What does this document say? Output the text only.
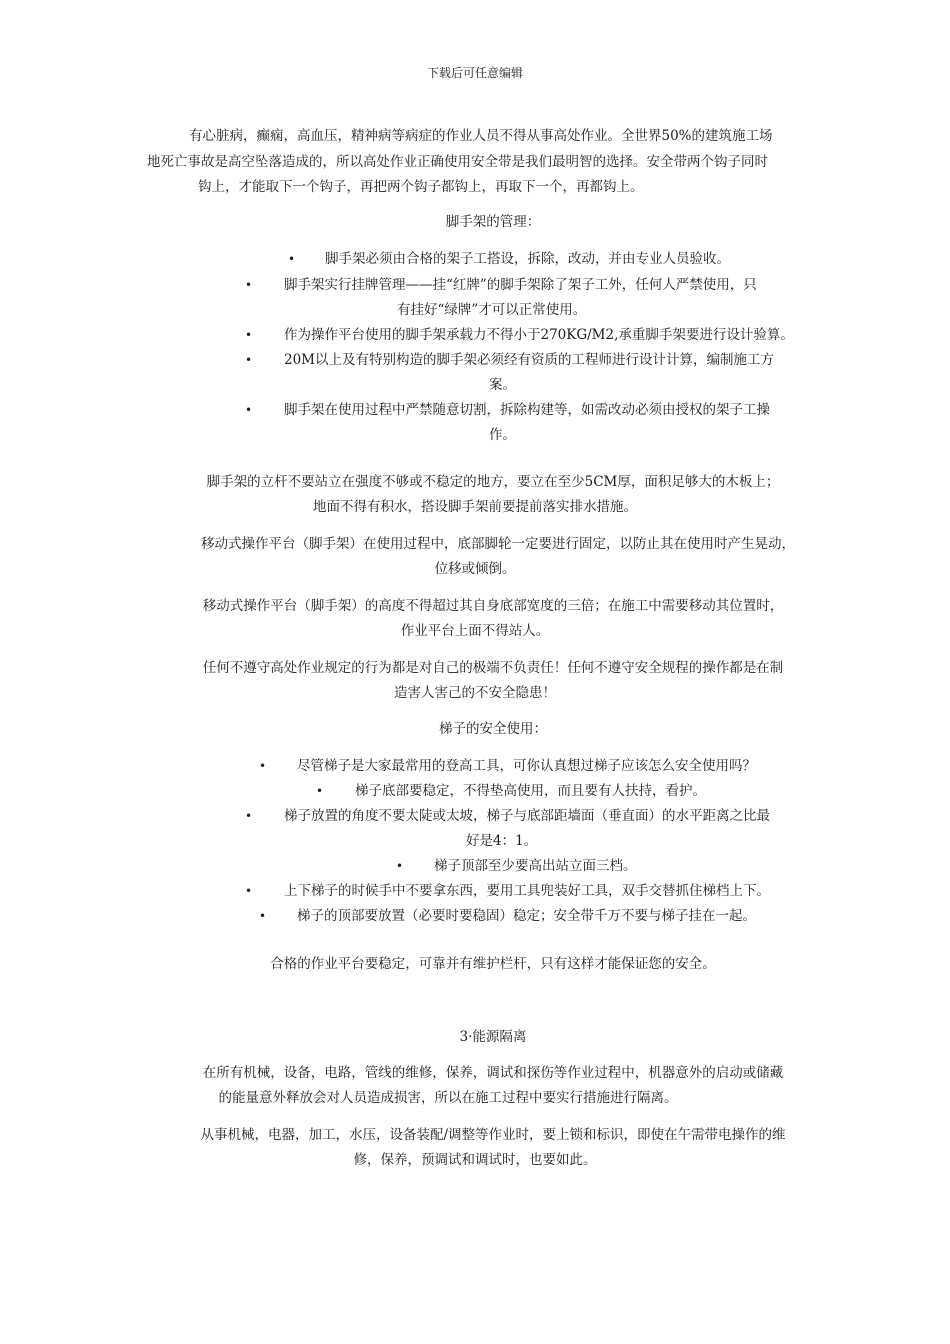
下载后可任意编辑
有心脏病，癫痫，高血压，精神病等病症的作业人员不得从事高处作业。全世界50%的建筑施工场
地死亡事故是高空坠落造成的，所以高处作业正确使用安全带是我们最明智的选择。安全带两个钩子同时
钩上，才能取下一个钩子，再把两个钩子都钩上，再取下一个，再都钩上。
脚手架的管理：
• 脚手架必须由合格的架子工搭设，拆除，改动，并由专业人员验收。
• 脚手架实行挂牌管理——挂“红牌”的脚手架除了架子工外，任何人严禁使用，只
有挂好“绿牌”才可以正常使用。
• 作为操作平台使用的脚手架承载力不得小于270KG/M2,承重脚手架要进行设计验算。
• 20M以上及有特别构造的脚手架必须经有资质的工程师进行设计计算，编制施工方
案。
• 脚手架在使用过程中严禁随意切割，拆除构建等，如需改动必须由授权的架子工操
作。
脚手架的立杆不要站立在强度不够或不稳定的地方，要立在至少5CM厚，面积足够大的木板上；
地面不得有积水，搭设脚手架前要提前落实排水措施。
移动式操作平台（脚手架）在使用过程中，底部脚轮一定要进行固定，以防止其在使用时产生晃动，
位移或倾倒。
移动式操作平台（脚手架）的高度不得超过其自身底部宽度的三倍；在施工中需要移动其位置时，
作业平台上面不得站人。
任何不遵守高处作业规定的行为都是对自己的极端不负责任！任何不遵守安全规程的操作都是在制
造害人害己的不安全隐患！
梯子的安全使用：
• 尽管梯子是大家最常用的登高工具，可你认真想过梯子应该怎么安全使用吗？
• 梯子底部要稳定，不得垫高使用，而且要有人扶持，看护。
• 梯子放置的角度不要太陡或太坡，梯子与底部距墙面（垂直面）的水平距离之比最
好是4：1。
• 梯子顶部至少要高出站立面三档。
• 上下梯子的时候手中不要拿东西，要用工具兜装好工具，双手交替抓住梯档上下。
• 梯子的顶部要放置（必要时要稳固）稳定；安全带千万不要与梯子挂在一起。
合格的作业平台要稳定，可靠并有维护栏杆，只有这样才能保证您的安全。
3·能源隔离
在所有机械，设备，电路，管线的维修，保养，调试和探伤等作业过程中，机器意外的启动或储藏
的能量意外释放会对人员造成损害，所以在施工过程中要实行措施进行隔离。
从事机械，电器，加工，水压，设备装配/调整等作业时，要上锁和标识，即使在午需带电操作的维
修，保养，预调试和调试时，也要如此。
